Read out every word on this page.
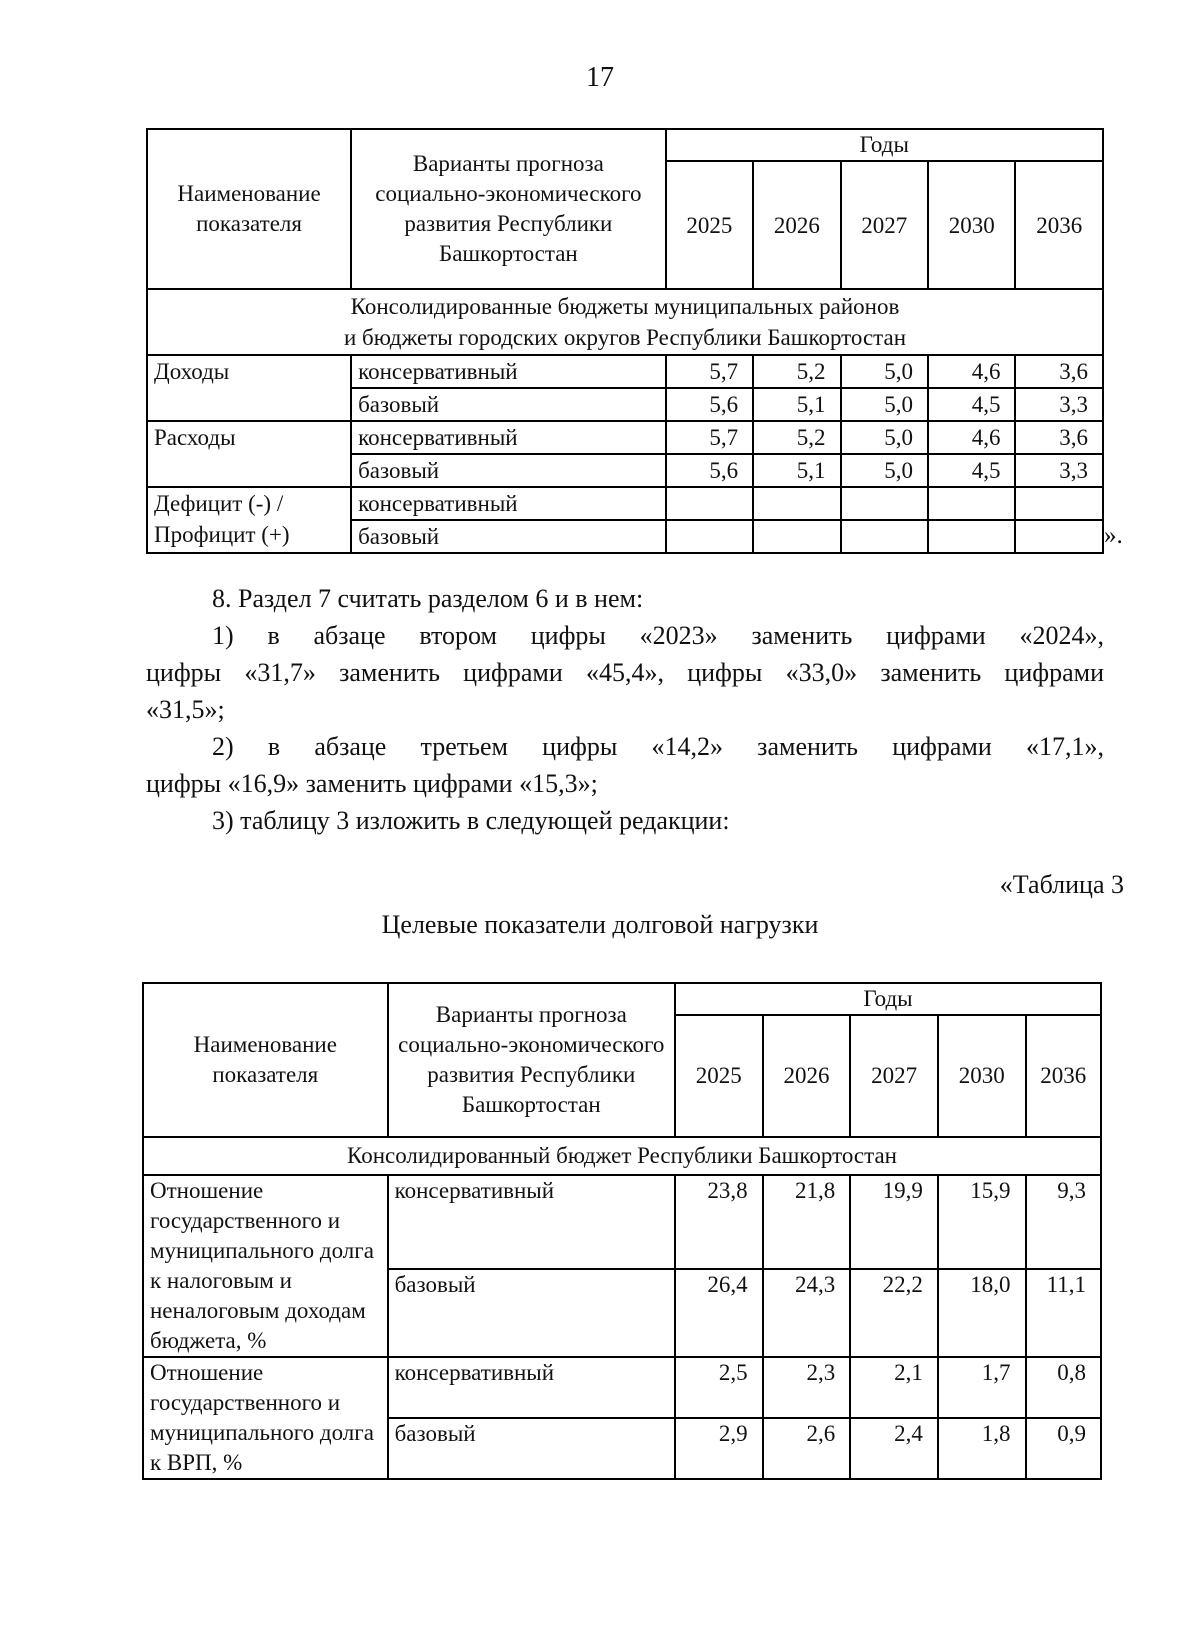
17
Наименование показателя	Варианты прогноза социально-экономического развития Республики Башкортостан	Годы				
		2025	2026	2027	2030	2036

Консолидированные бюджеты муниципальных районов
и бюджеты городских округов Республики Башкортостан						

Доходы	консервативный	5,7	5,2	5,0	4,6	3,6
	базовый	5,6	5,1	5,0	4,5	3,3
Расходы	консервативный	5,7	5,2	5,0	4,6	3,6
	базовый	5,6	5,1	5,0	4,5	3,3

Дефицит (-) /
Профицит (+)	консервативный					
	базовый						».
8. Раздел 7 считать разделом 6 и в нем:
1) в абзаце втором цифры «2023» заменить цифрами «2024»,
цифры «31,7» заменить цифрами «45,4», цифры «33,0» заменить цифрами
«31,5»;
2) в абзаце третьем цифры «14,2» заменить цифрами «17,1»,
цифры «16,9» заменить цифрами «15,3»;
3) таблицу 3 изложить в следующей редакции:
«Таблица 3
Целевые показатели долговой нагрузки
Наименование показателя	Варианты прогноза социально-экономического развития Республики Башкортостан	Годы				
		2025	2026	2027	2030	2036
Консолидированный бюджет Республики Башкортостан						
Отношение государственного и муниципального долга к налоговым и неналоговым доходам бюджета, %	консервативный	23,8	21,8	19,9	15,9	9,3
	базовый	26,4	24,3	22,2	18,0	11,1
Отношение государственного и муниципального долга к ВРП, %	консервативный	2,5	2,3	2,1	1,7	0,8
	базовый	2,9	2,6	2,4	1,8	0,9
